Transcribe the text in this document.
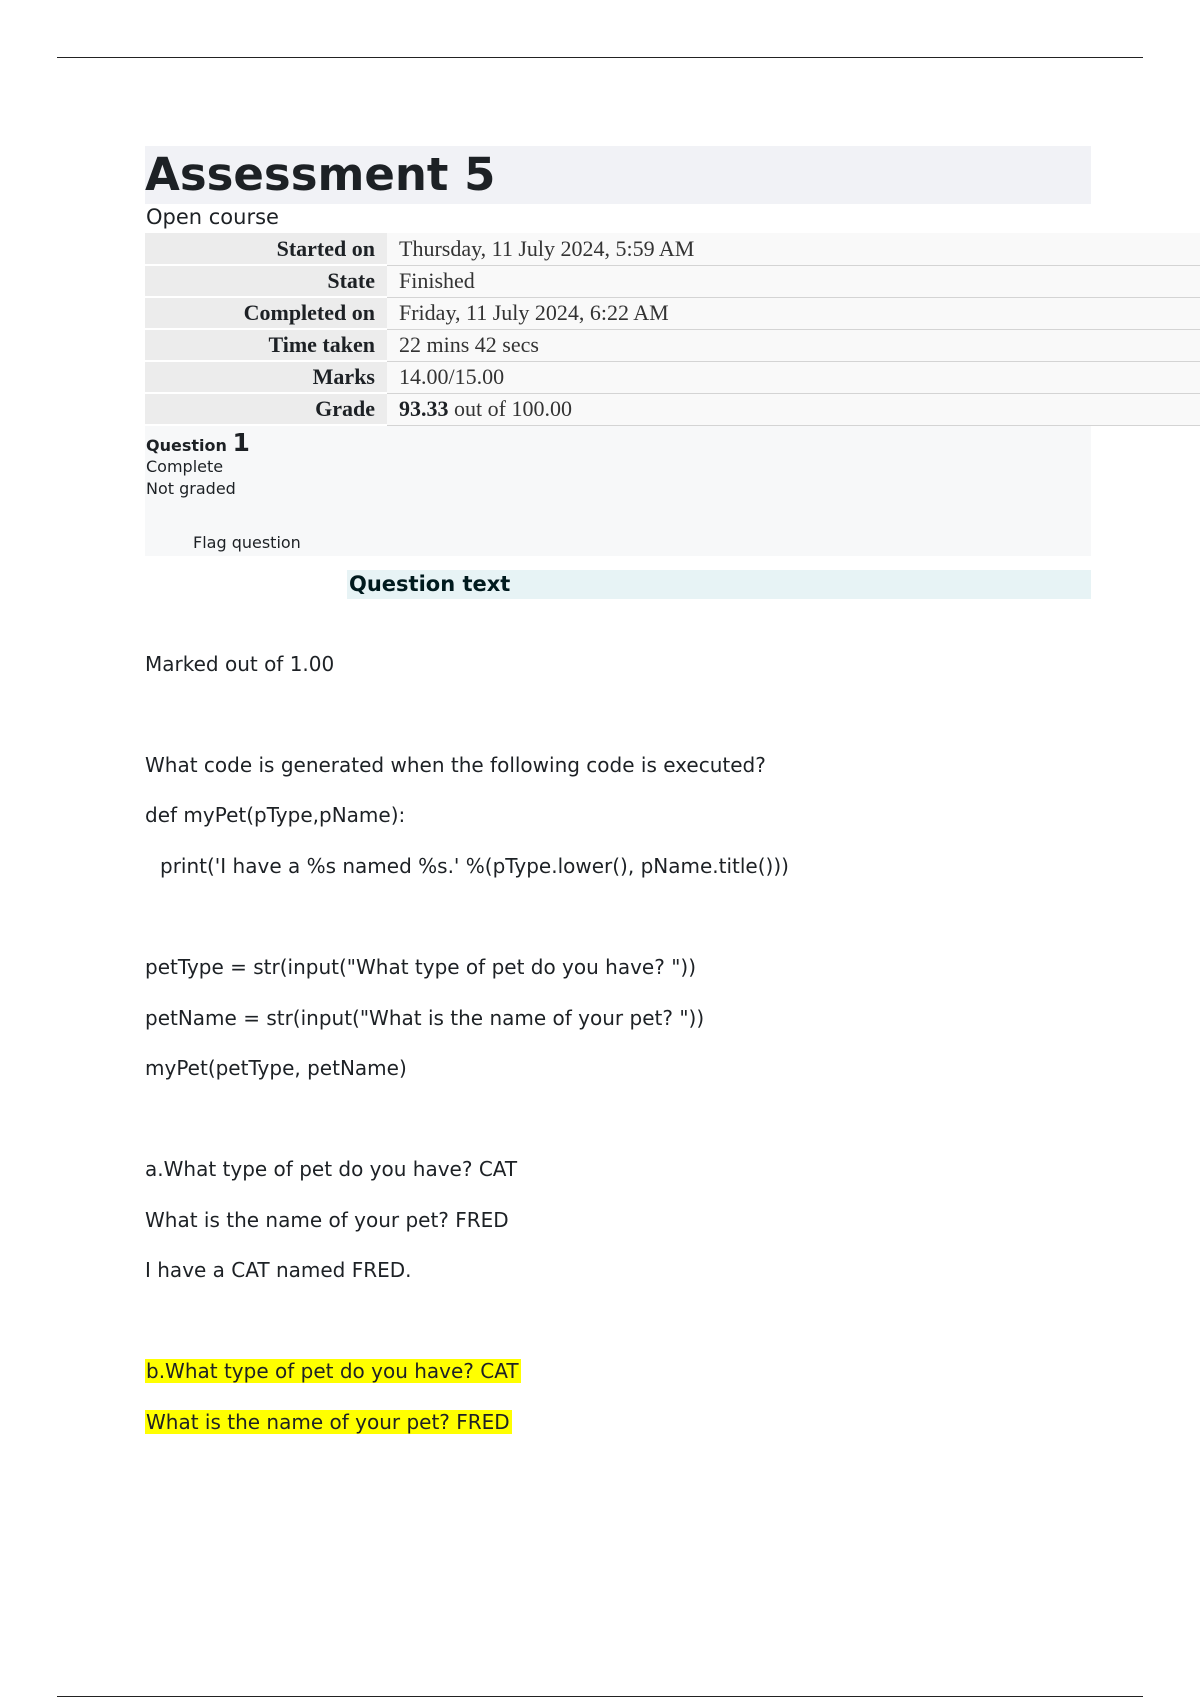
Assessment 5
Open course
Started on	Thursday, 11 July 2024, 5:59 AM
State	Finished
Completed on	Friday, 11 July 2024, 6:22 AM
Time taken	22 mins 42 secs
Marks	14.00/15.00
Grade	93.33 out of 100.00
Question 1
Complete
Not graded
Flag question
Question text
Marked out of 1.00
What code is generated when the following code is executed?
def myPet(pType,pName):
print('I have a %s named %s.' %(pType.lower(), pName.title()))
petType = str(input("What type of pet do you have? "))
petName = str(input("What is the name of your pet? "))
myPet(petType, petName)
a.What type of pet do you have? CAT
What is the name of your pet? FRED
I have a CAT named FRED.
b.What type of pet do you have? CAT
What is the name of your pet? FRED
